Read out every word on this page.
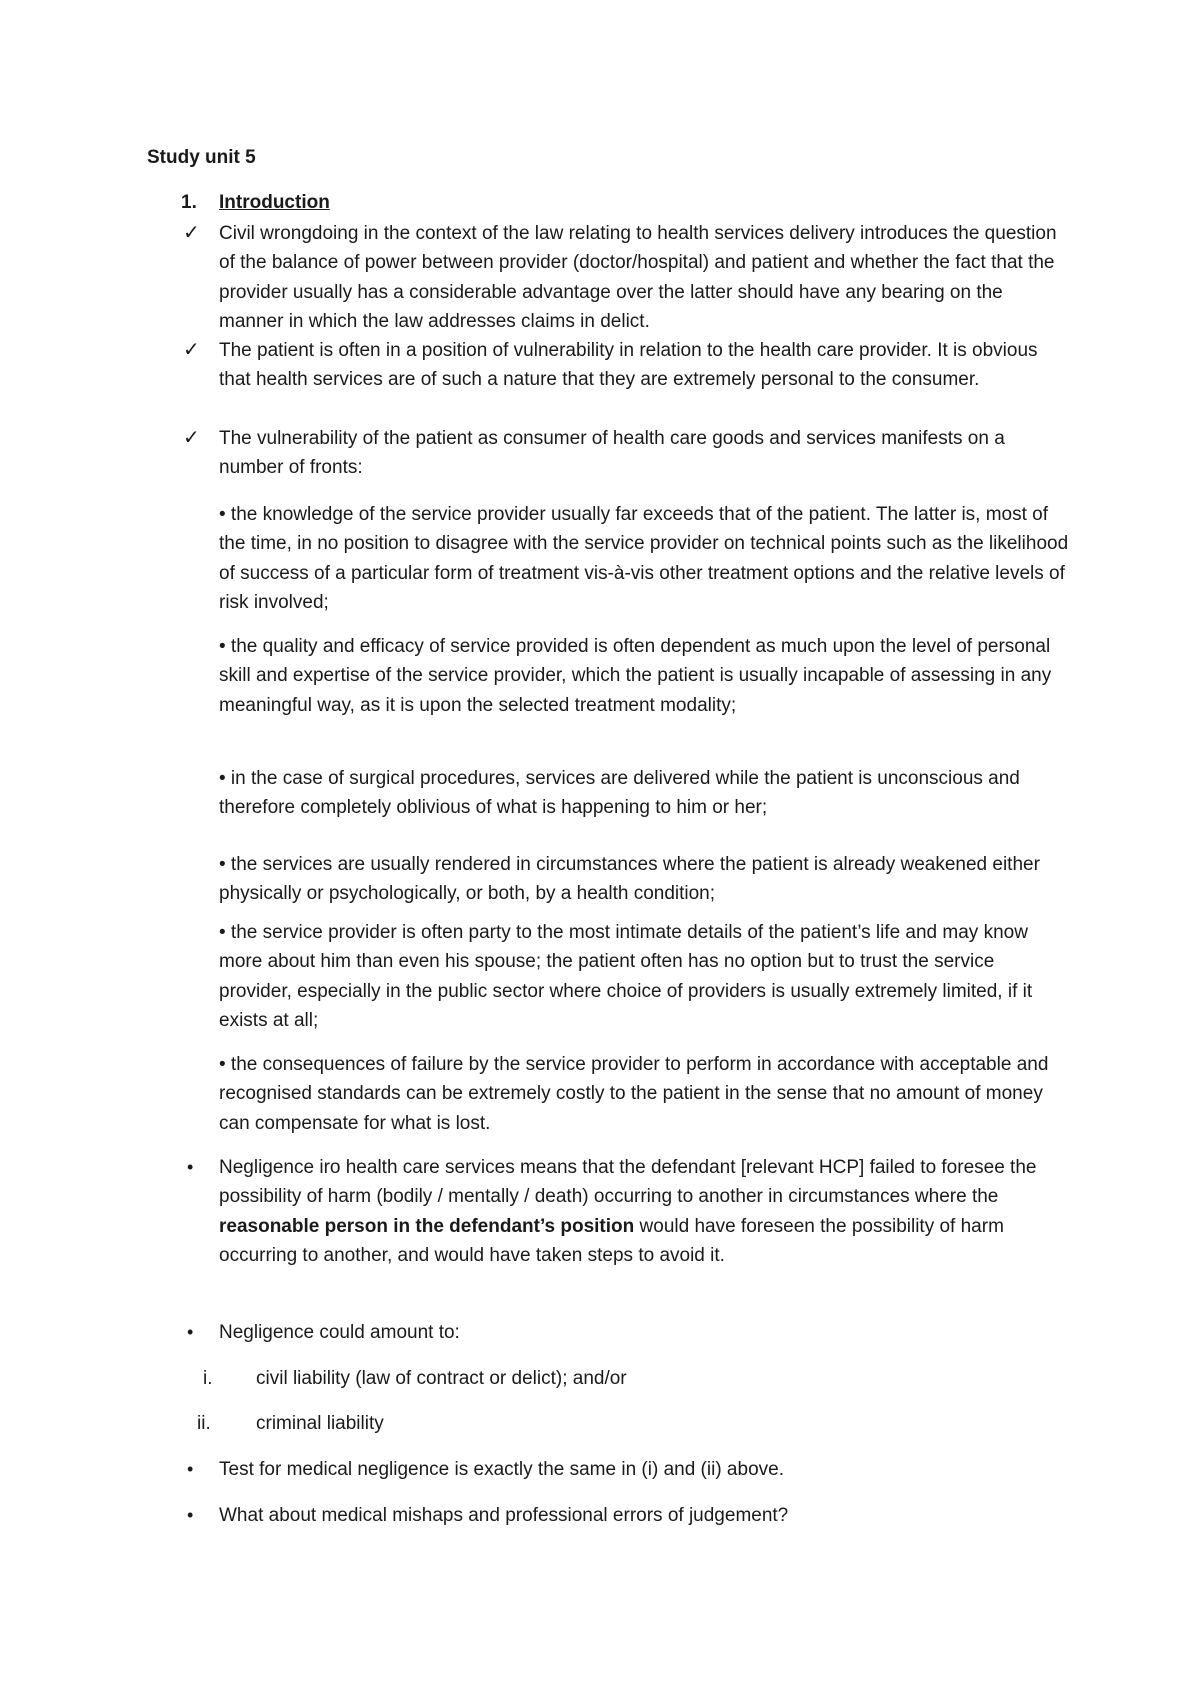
Study unit 5
1. Introduction
✓ Civil wrongdoing in the context of the law relating to health services delivery introduces the question of the balance of power between provider (doctor/hospital) and patient and whether the fact that the provider usually has a considerable advantage over the latter should have any bearing on the manner in which the law addresses claims in delict.
✓ The patient is often in a position of vulnerability in relation to the health care provider. It is obvious that health services are of such a nature that they are extremely personal to the consumer.
✓ The vulnerability of the patient as consumer of health care goods and services manifests on a number of fronts:
• the knowledge of the service provider usually far exceeds that of the patient. The latter is, most of the time, in no position to disagree with the service provider on technical points such as the likelihood of success of a particular form of treatment vis-à-vis other treatment options and the relative levels of risk involved;
• the quality and efficacy of service provided is often dependent as much upon the level of personal skill and expertise of the service provider, which the patient is usually incapable of assessing in any meaningful way, as it is upon the selected treatment modality;
• in the case of surgical procedures, services are delivered while the patient is unconscious and therefore completely oblivious of what is happening to him or her;
• the services are usually rendered in circumstances where the patient is already weakened either physically or psychologically, or both, by a health condition;
• the service provider is often party to the most intimate details of the patient’s life and may know more about him than even his spouse; the patient often has no option but to trust the service provider, especially in the public sector where choice of providers is usually extremely limited, if it exists at all;
• the consequences of failure by the service provider to perform in accordance with acceptable and recognised standards can be extremely costly to the patient in the sense that no amount of money can compensate for what is lost.
• Negligence iro health care services means that the defendant [relevant HCP] failed to foresee the possibility of harm (bodily / mentally / death) occurring to another in circumstances where the reasonable person in the defendant’s position would have foreseen the possibility of harm occurring to another, and would have taken steps to avoid it.
• Negligence could amount to:
i.	civil liability (law of contract or delict); and/or
ii.	criminal liability
• Test for medical negligence is exactly the same in (i) and (ii) above.
• What about medical mishaps and professional errors of judgement?
